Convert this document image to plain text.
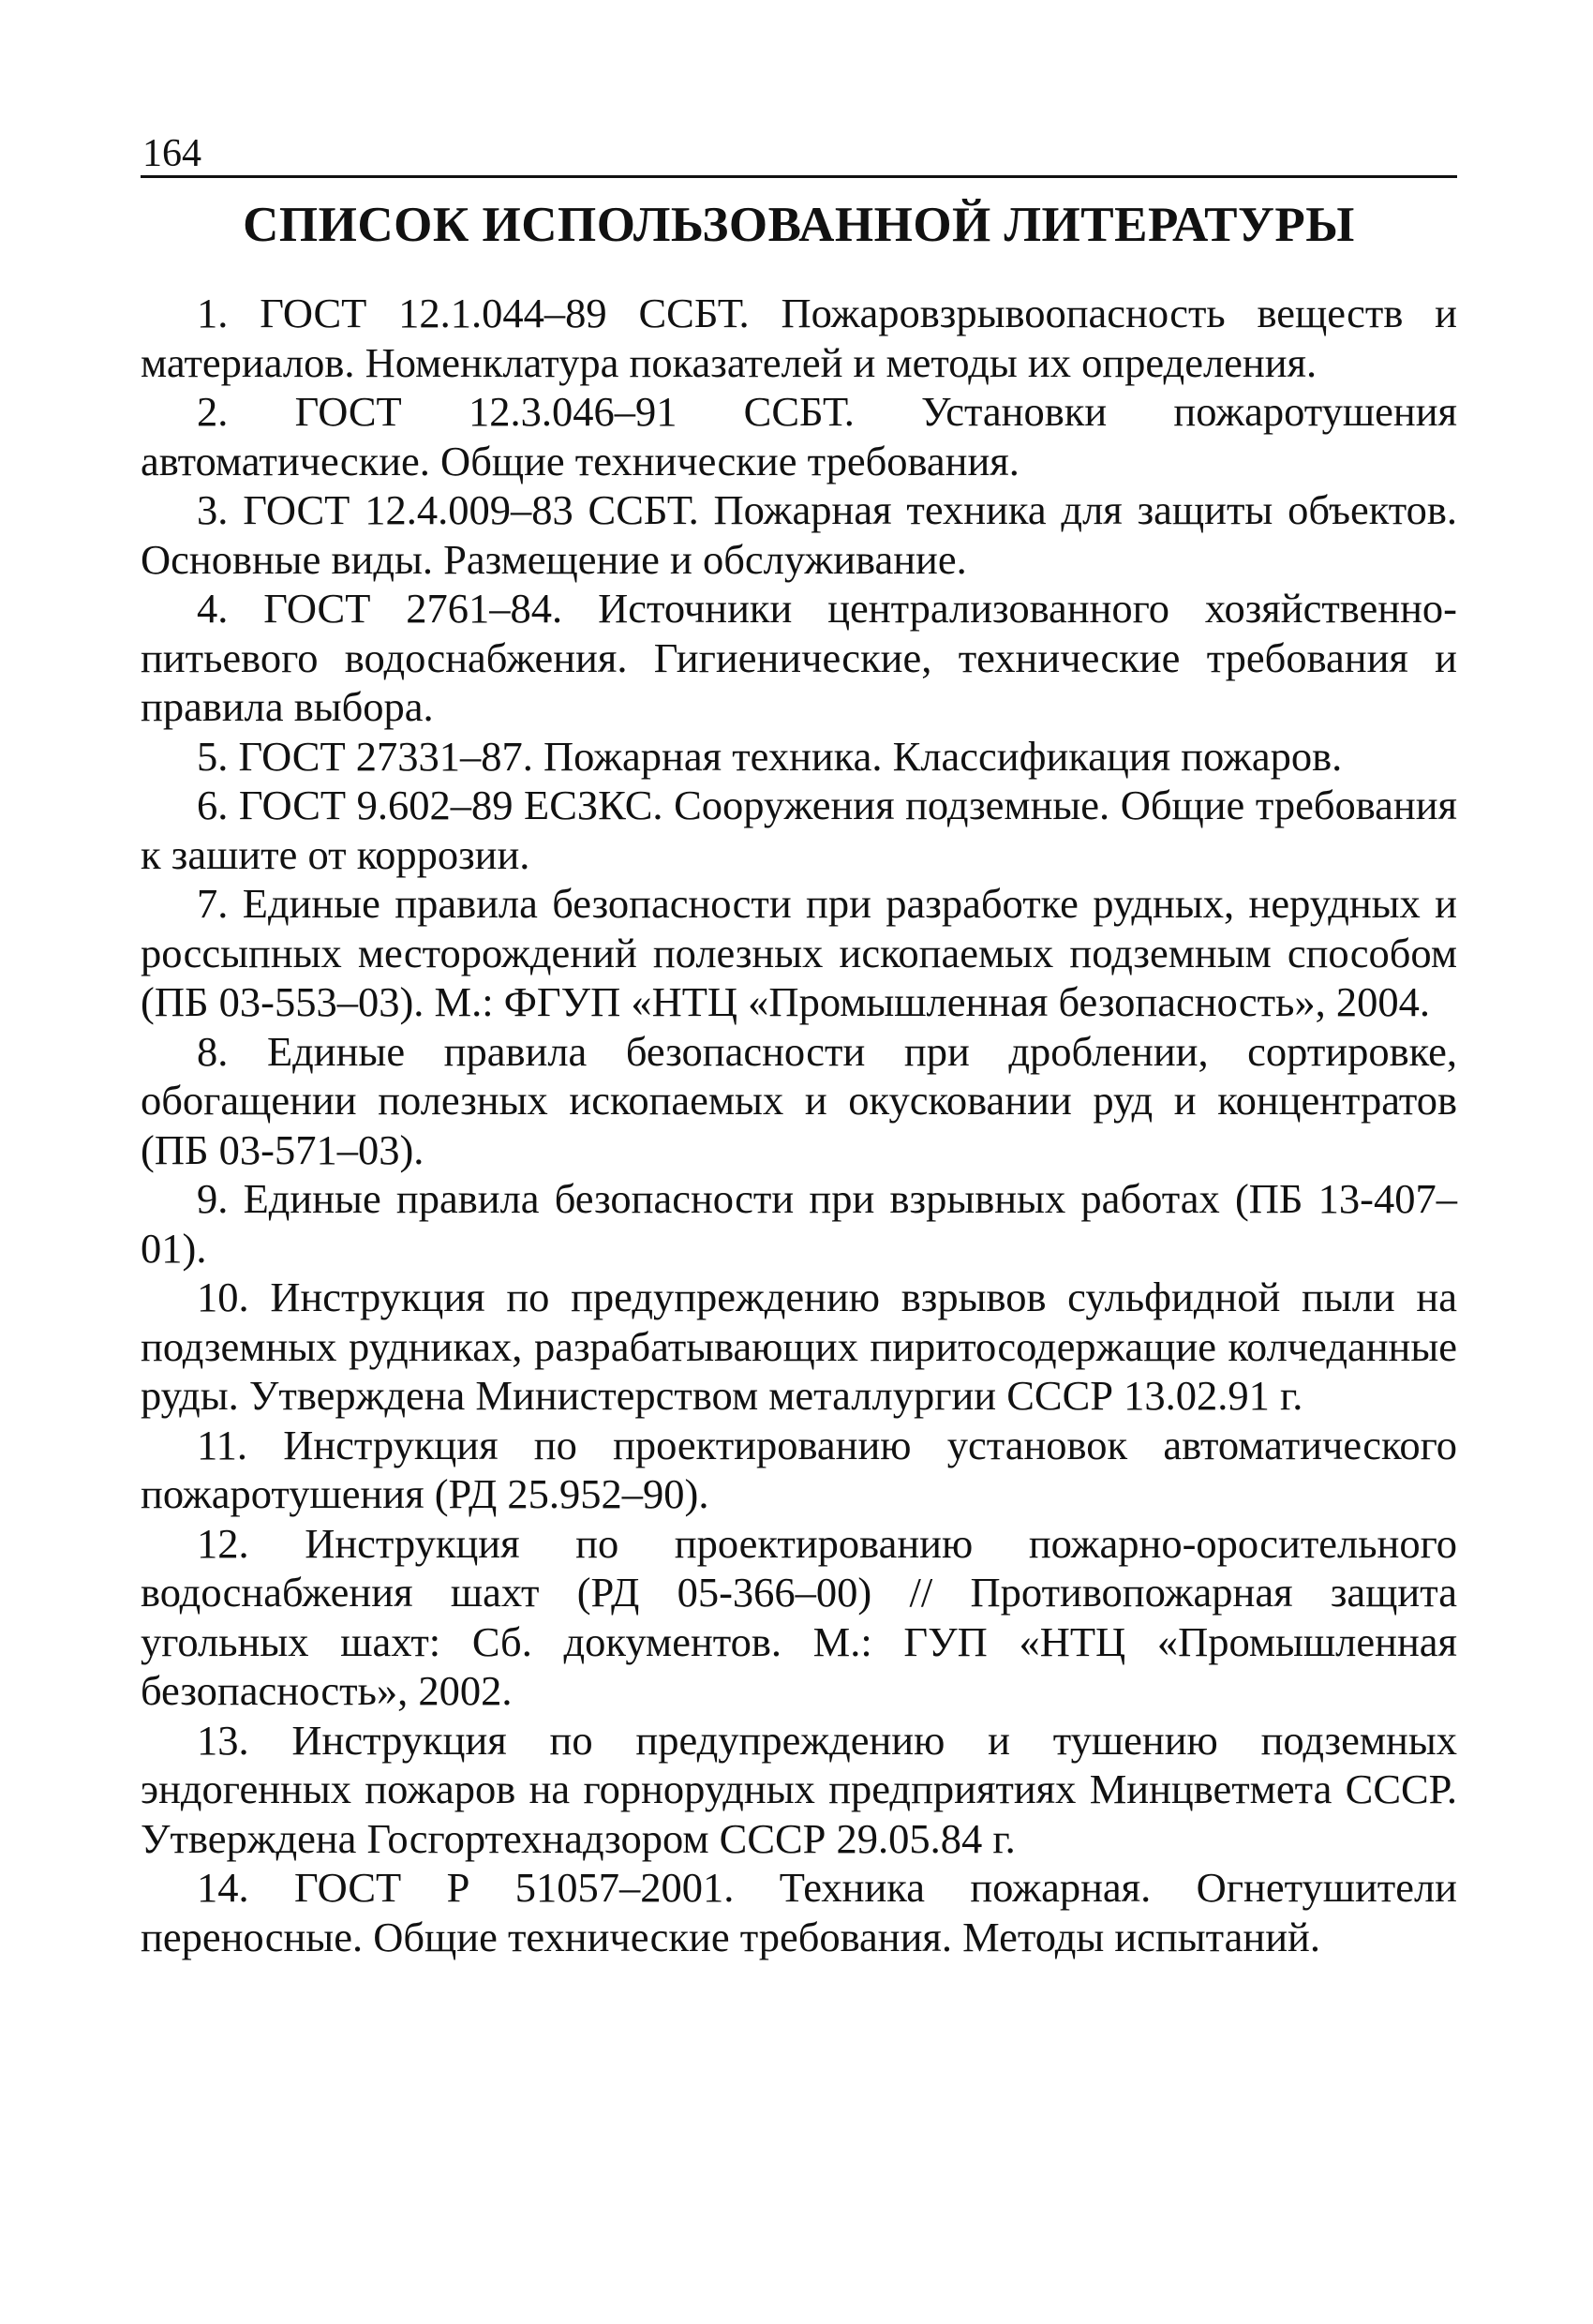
164
СПИСОК ИСПОЛЬЗОВАННОЙ ЛИТЕРАТУРЫ
1. ГОСТ 12.1.044–89 ССБТ. Пожаровзрывоопасность веществ и материалов. Номенклатура показателей и методы их определения.
2. ГОСТ 12.3.046–91 ССБТ. Установки пожаротушения автоматические. Общие технические требования.
3. ГОСТ 12.4.009–83 ССБТ. Пожарная техника для защиты объектов. Основные виды. Размещение и обслуживание.
4. ГОСТ 2761–84. Источники централизованного хозяйственно-питьевого водоснабжения. Гигиенические, технические требования и правила выбора.
5. ГОСТ 27331–87. Пожарная техника. Классификация пожаров.
6. ГОСТ 9.602–89 ЕСЗКС. Сооружения подземные. Общие требования к зашите от коррозии.
7. Единые правила безопасности при разработке рудных, нерудных и россыпных месторождений полезных ископаемых подземным способом (ПБ 03-553–03). М.: ФГУП «НТЦ «Промышленная безопасность», 2004.
8. Единые правила безопасности при дроблении, сортировке, обогащении полезных ископаемых и окусковании руд и концентратов (ПБ 03-571–03).
9. Единые правила безопасности при взрывных работах (ПБ 13-407–01).
10. Инструкция по предупреждению взрывов сульфидной пыли на подземных рудниках, разрабатывающих пиритосодержащие колчеданные руды. Утверждена Министерством металлургии СССР 13.02.91 г.
11. Инструкция по проектированию установок автоматического пожаротушения (РД 25.952–90).
12. Инструкция по проектированию пожарно-оросительного водоснабжения шахт (РД 05-366–00) // Противопожарная защита угольных шахт: Сб. документов. М.: ГУП «НТЦ «Промышленная безопасность», 2002.
13. Инструкция по предупреждению и тушению подземных эндогенных пожаров на горнорудных предприятиях Минцветмета СССР. Утверждена Госгортехнадзором СССР 29.05.84 г.
14. ГОСТ Р 51057–2001. Техника пожарная. Огнетушители переносные. Общие технические требования. Методы испытаний.
